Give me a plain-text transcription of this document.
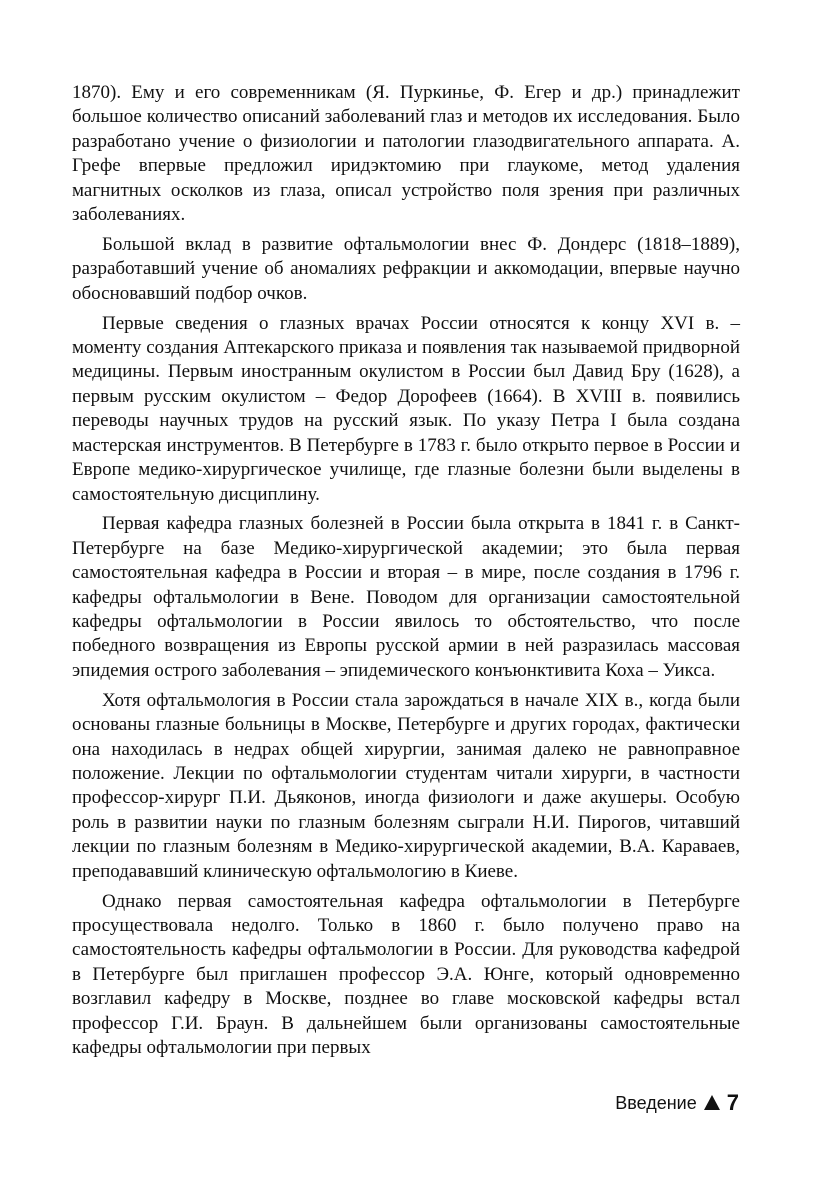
1870). Ему и его современникам (Я. Пуркинье, Ф. Егер и др.) принадлежит большое количество описаний заболеваний глаз и методов их исследования. Было разработано учение о физиологии и патологии глазодвигательного аппарата. А. Грефе впервые предложил иридэктомию при глаукоме, метод удаления магнитных осколков из глаза, описал устройство поля зрения при различных заболеваниях.

Большой вклад в развитие офтальмологии внес Ф. Дондерс (1818–1889), разработавший учение об аномалиях рефракции и аккомодации, впервые научно обосновавший подбор очков.

Первые сведения о глазных врачах России относятся к концу XVI в. – моменту создания Аптекарского приказа и появления так называемой придворной медицины. Первым иностранным окулистом в России был Давид Бру (1628), а первым русским окулистом – Федор Дорофеев (1664). В XVIII в. появились переводы научных трудов на русский язык. По указу Петра I была создана мастерская инструментов. В Петербурге в 1783 г. было открыто первое в России и Европе медико-хирургическое училище, где глазные болезни были выделены в самостоятельную дисциплину.

Первая кафедра глазных болезней в России была открыта в 1841 г. в Санкт-Петербурге на базе Медико-хирургической академии; это была первая самостоятельная кафедра в России и вторая – в мире, после создания в 1796 г. кафедры офтальмологии в Вене. Поводом для организации самостоятельной кафедры офтальмологии в России явилось то обстоятельство, что после победного возвращения из Европы русской армии в ней разразилась массовая эпидемия острого заболевания – эпидемического конъюнктивита Коха – Уикса.

Хотя офтальмология в России стала зарождаться в начале XIX в., когда были основаны глазные больницы в Москве, Петербурге и других городах, фактически она находилась в недрах общей хирургии, занимая далеко не равноправное положение. Лекции по офтальмологии студентам читали хирурги, в частности профессор-хирург П.И. Дьяконов, иногда физиологи и даже акушеры. Особую роль в развитии науки по глазным болезням сыграли Н.И. Пирогов, читавший лекции по глазным болезням в Медико-хирургической академии, В.А. Караваев, преподававший клиническую офтальмологию в Киеве.

Однако первая самостоятельная кафедра офтальмологии в Петербурге просуществовала недолго. Только в 1860 г. было получено право на самостоятельность кафедры офтальмологии в России. Для руководства кафедрой в Петербурге был приглашен профессор Э.А. Юнге, который одновременно возглавил кафедру в Москве, позднее во главе московской кафедры встал профессор Г.И. Браун. В дальнейшем были организованы самостоятельные кафедры офтальмологии при первых

Введение 7
